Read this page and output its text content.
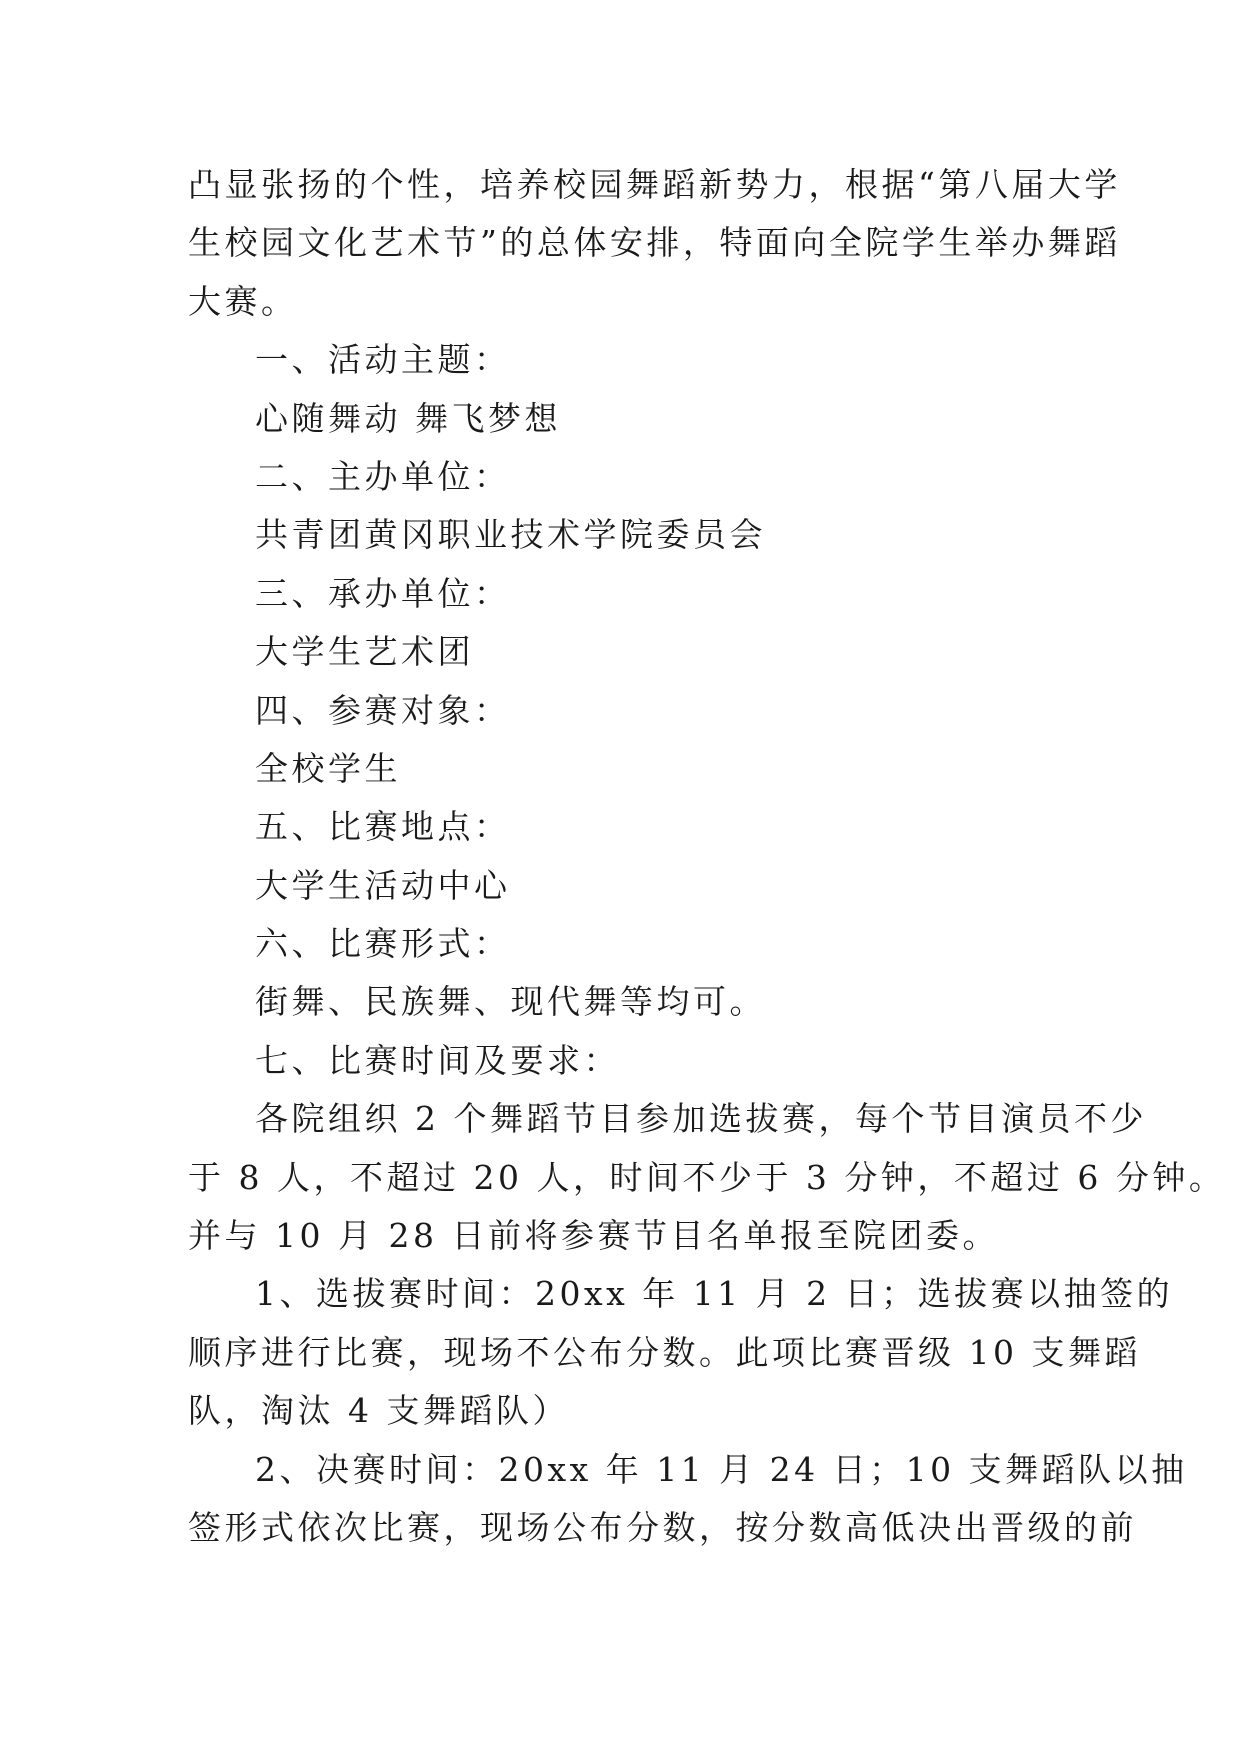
凸显张扬的个性，培养校园舞蹈新势力，根据“第八届大学
生校园文化艺术节”的总体安排，特面向全院学生举办舞蹈
大赛。
一、活动主题：
心随舞动 舞飞梦想
二、主办单位：
共青团黄冈职业技术学院委员会
三、承办单位：
大学生艺术团
四、参赛对象：
全校学生
五、比赛地点：
大学生活动中心
六、比赛形式：
街舞、民族舞、现代舞等均可。
七、比赛时间及要求：
各院组织 2 个舞蹈节目参加选拔赛，每个节目演员不少
于 8 人，不超过 20 人，时间不少于 3 分钟，不超过 6 分钟。
并与 10 月 28 日前将参赛节目名单报至院团委。
1、选拔赛时间：20xx 年 11 月 2 日；选拔赛以抽签的
顺序进行比赛，现场不公布分数。此项比赛晋级 10 支舞蹈
队，淘汰 4 支舞蹈队）
2、决赛时间：20xx 年 11 月 24 日；10 支舞蹈队以抽
签形式依次比赛，现场公布分数，按分数高低决出晋级的前
